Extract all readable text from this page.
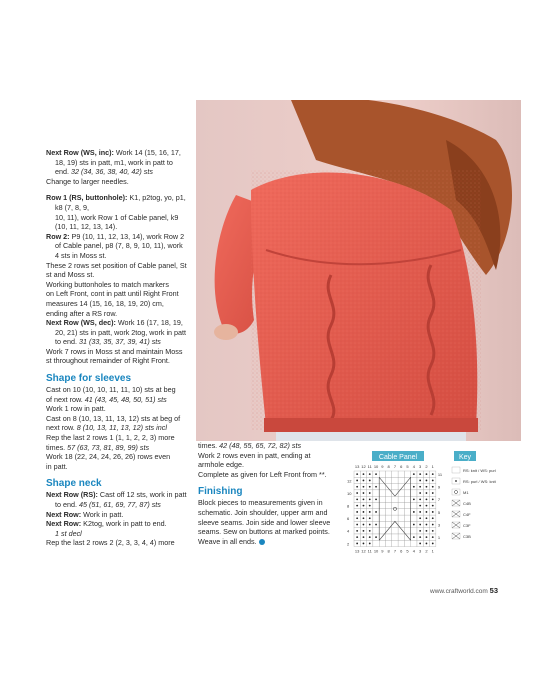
Next Row (WS, inc): Work 14 (15, 16, 17,

18, 19) sts in patt, m1, work in patt to

end. 32 (34, 36, 38, 40, 42) sts

Change to larger needles.

Row 1 (RS, buttonhole): K1, p2tog, yo, p1,

k8 (7, 8, 9,

10, 11), work Row 1 of Cable panel, k9

(10, 11, 12, 13, 14).

Row 2: P9 (10, 11, 12, 13, 14), work Row 2

of Cable panel, p8 (7, 8, 9, 10, 11), work

4 sts in Moss st.

These 2 rows set position of Cable panel, St

st and Moss st.

Working buttonholes to match markers

on Left Front, cont in patt until Right Front

measures 14 (15, 16, 18, 19, 20) cm,

ending after a RS row.

Next Row (WS, dec): Work 16 (17, 18, 19,

20, 21) sts in patt, work 2tog, work in patt

to end. 31 (33, 35, 37, 39, 41) sts

Work 7 rows in Moss st and maintain Moss

st throughout remainder of Right Front.

Shape for sleeves

Cast on 10 (10, 10, 11, 11, 10) sts at beg

of next row. 41 (43, 45, 48, 50, 51) sts

Work 1 row in patt.

Cast on 8 (10, 13, 11, 13, 12) sts at beg of

next row. 8 (10, 13, 11, 13, 12) sts incl

Rep the last 2 rows 1 (1, 1, 2, 2, 3) more

times. 57 (63, 73, 81, 89, 99) sts

Work 18 (22, 24, 24, 26, 26) rows even

in patt.

Shape neck

Next Row (RS): Cast off 12 sts, work in patt

to end. 45 (51, 61, 69, 77, 87) sts

Next Row: Work in patt.

Next Row: K2tog, work in patt to end.

1 st decl

Rep the last 2 rows 2 (2, 3, 3, 4, 4) more

times. 42 (48, 55, 65, 72, 82) sts

Work 2 rows even in patt, ending at

armhole edge.

Complete as given for Left Front from **.

Finishing

Block pieces to measurements given in

schematic. Join shoulder, upper arm and

sleeve seams. Join side and lower sleeve

seams. Sew on buttons at marked points.

Weave in all ends.

Cable Panel	Key
13 12 11 10 9 8 7 6 5 4 3 2 1
13 12 11 10 9 8 7 6 5 4 3 2 1
11
9
7
5
3
1
12
10
8
6
4
2
RS: knit / WS: purl
RS: purl / WS: knit
M1
C4B
C4F
C3F
C3B
www.craftworld.com 53
